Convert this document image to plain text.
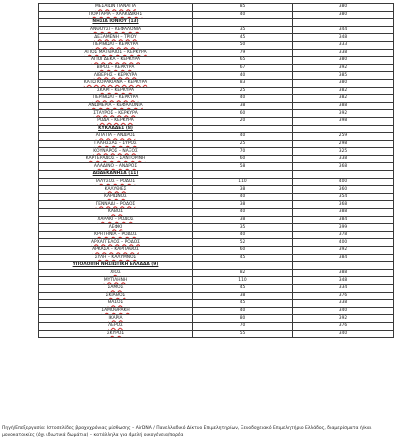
ΜΕΣΑΙΩΝ ΠΑΝΑΓΙΑ	85	380
ΠΟΡΤΑΡΙΑ – ΧΑΛΚΙΔΙΚΗΣ	40	380
ΝΗΣΙΑ ΙΟΝΙΟΥ (13)		
ΑΝΘΟΥΣΙ – ΚΕΦΑΛΟΝΙΑ	35	344
ΔΕΞΑΜΕΝΗ – ΤΡΙΟΥ	45	348
ΠΕΡΙΘΩΛΙ – ΚΕΡΚΥΡΑ	50	333
ΑΓΙΟΣ ΜΑΤΘΑΙΟΣ – ΚΕΡΚΥΡΑ	79	338
ΑΓΙΟΙ ΔΕΚΑ – ΚΕΡΚΥΡΑ	65	380
ΒΙΡΟΣ – ΚΕΡΚΥΡΑ	67	392
ΛΙΒΕΡΗΣ – ΚΕΡΚΥΡΑ	40	385
ΚΑΤΩ ΚΟΡΑΚΙΑΝΑ – ΚΕΡΚΥΡΑ	83	380
ΣΚΑΡΙ – ΚΕΡΚΥΡΑ	25	382
ΠΕΡΙΘΩΛΙ – ΚΕΡΚΥΡΑ	40	382
ΑΝΩΜΕΡΙΑ – ΚΕΦΑΛΟΝΙΑ	38	388
ΣΤΑΥΡΟΣ – ΚΕΡΚΥΡΑ	60	392
ΡΟΔΑ – ΚΕΡΚΥΡΑ	20	398
ΚΥΚΛΑΔΕΣ (8)		
ΑΠΑΤΙΑ – ΑΝΔΡΟΣ	40	259
ΓΑΛΗΣΣΑΣ – ΣΥΡΟΣ	25	298
ΚΟΥΝΑΡΟΣ – ΝΑΞΟΣ	70	325
ΚΑΡΤΕΡΑΔΟΣ – ΣΑΝΤΟΡΙΝΗ	60	338
ΑΛΑΔΙΝΟ – ΑΝΔΡΟΣ	58	368
ΔΩΔΕΚΑΝΗΣΑ (11)		
ΙΑΛΥΣΟΣ – ΡΟΔΟΣ	110	400
ΚΑΛΥΘΙΕΣ	38	360
ΚΑΡΙΩΝΟΣ	40	354
ΓΕΝΝΑΔΙ – ΡΟΔΟΣ	38	368
ΚΑΒΟΣ	40	388
ΧΑΡΑΚΙ – ΡΟΔΟΣ	38	384
ΛΕΦΚΙ	35	399
ΚΡΗΤΗΝΙΑ – ΡΟΔΟΣ	40	378
ΑΡΧΑΓΓΕΛΟΣ – ΡΟΔΟΣ	52	400
ΑΡΚΑΣΑ – ΚΑΡΠΑΘΟΣ	60	392
ΣΥΛΗ – ΚΑΛΥΜΝΟΣ	45	384
ΥΠΟΛΟΙΠΗ ΝΗΣΙΩΤΙΚΗ ΕΛΛΑΔΑ (9)		
ΧΙΟΣ	82	388
ΜΥΤΙΛΗΝΗ	110	348
ΣΑΜΟΣ	45	334
ΣΚΙΑΘΟΣ	38	376
ΘΑΣΟΣ	45	338
ΣΑΜΟΘΡΑΚΗ	40	340
ΙΚΑΡΙΑ	80	392
ΛΕΡΟΣ	70	376
ΣΚΥΡΟΣ	55	340
Πηγή/Επεξεργασία: Ιστοσελίδες βραχυχρόνιας μίσθωσης – AirDNA / Πανελλαδικό Δίκτυο Επιμελητηρίων, Ξενοδοχειακό Επιμελητήριο Ελλάδος, διαμερίσματα ή/και μονοκατοικίες (όχι ιδιωτικά δωμάτια) – κατάλληλα για 4μελή οικογένεια/παρέα
